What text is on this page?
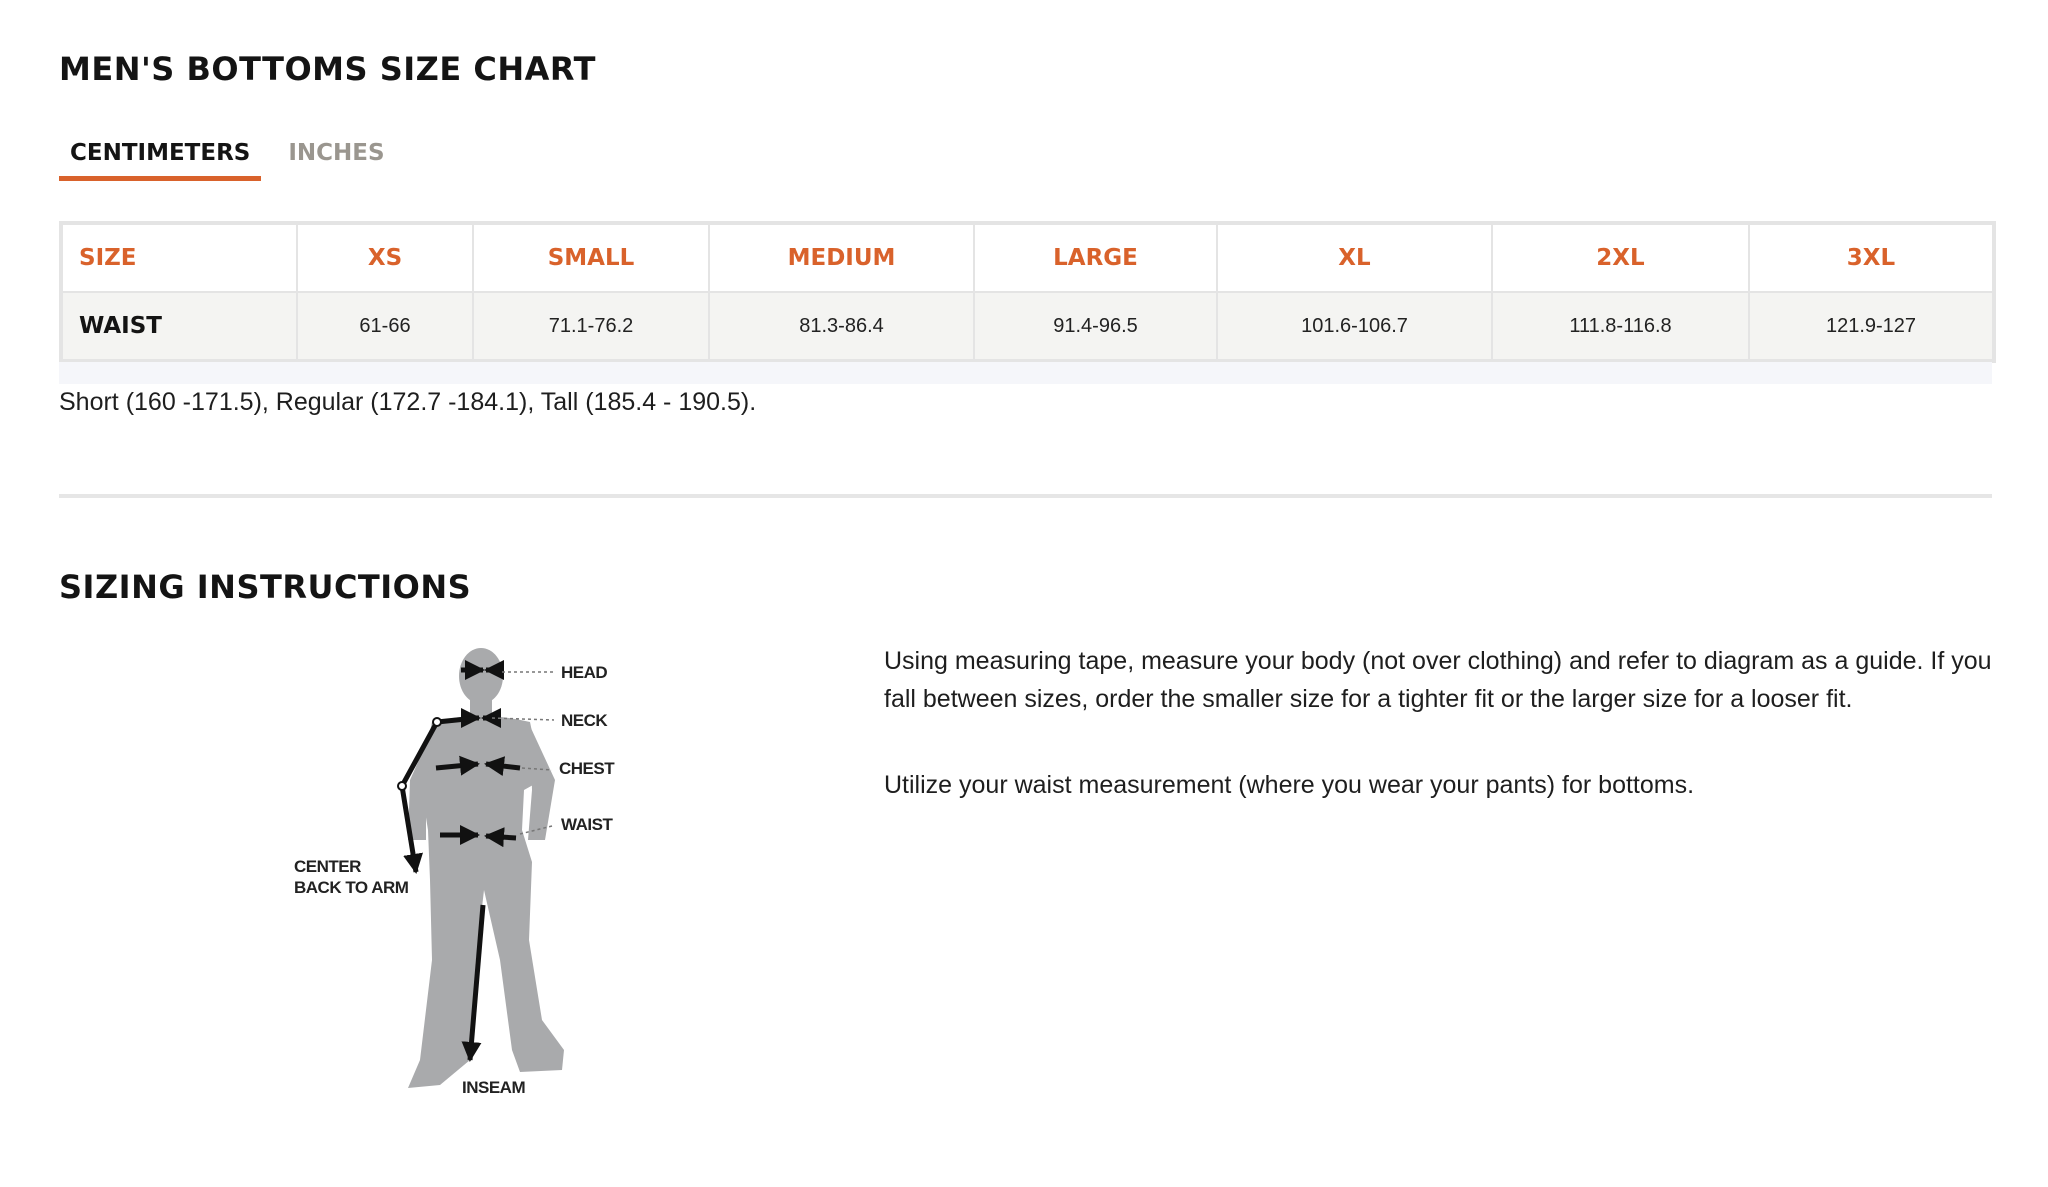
MEN'S BOTTOMS SIZE CHART
CENTIMETERS	INCHES
SIZE	XS	SMALL	MEDIUM	LARGE	XL	2XL	3XL
WAIST	61-66	71.1-76.2	81.3-86.4	91.4-96.5	101.6-106.7	111.8-116.8	121.9-127
Short (160 -171.5), Regular (172.7 -184.1), Tall (185.4 - 190.5).
SIZING INSTRUCTIONS
HEAD
NECK
CHEST
WAIST
CENTER
BACK TO ARM
INSEAM

Using measuring tape, measure your body (not over clothing) and refer to diagram as a guide. If you fall between sizes, order the smaller size for a tighter fit or the larger size for a looser fit.

Utilize your waist measurement (where you wear your pants) for bottoms.
